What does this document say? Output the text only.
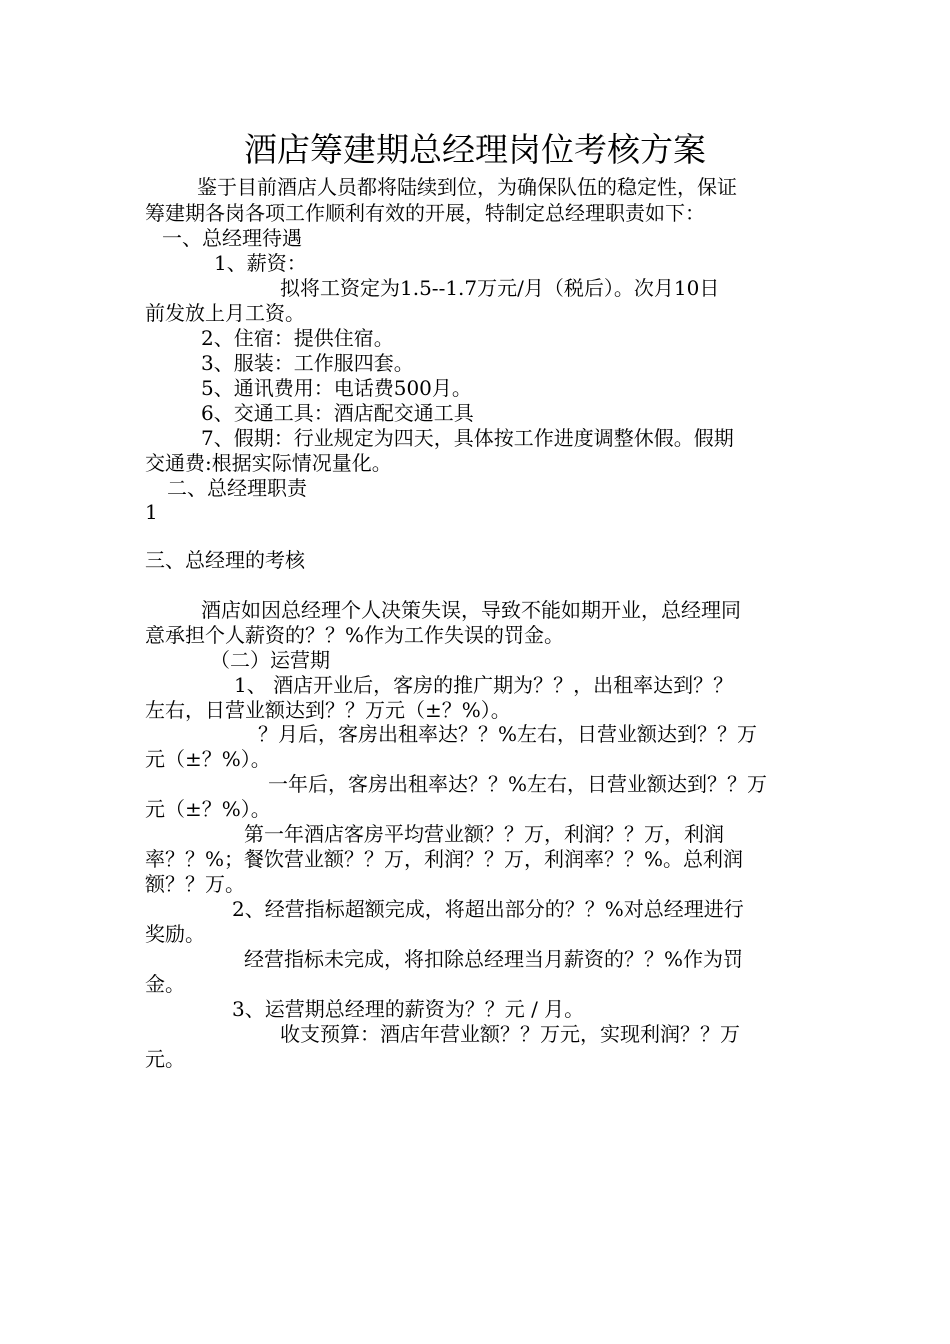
酒店筹建期总经理岗位考核方案
鉴于目前酒店人员都将陆续到位，为确保队伍的稳定性，保证
筹建期各岗各项工作顺利有效的开展，特制定总经理职责如下：
一、总经理待遇
1、薪资：
拟将工资定为1.5--1.7万元/月（税后）。次月10日
前发放上月工资。
2、住宿：提供住宿。
3、服装：工作服四套。
5、通讯费用：电话费500月。
6、交通工具：酒店配交通工具
7、假期：行业规定为四天，具体按工作进度调整休假。假期
交通费:根据实际情况量化。
二、总经理职责
1
三、总经理的考核
酒店如因总经理个人决策失误，导致不能如期开业，总经理同
意承担个人薪资的？？%作为工作失误的罚金。
（二）运营期
1、 酒店开业后，客房的推广期为？？，出租率达到？？
左右，日营业额达到？？万元（±？%）。
？月后，客房出租率达？？%左右，日营业额达到？？万
元（±？%）。
一年后，客房出租率达？？%左右，日营业额达到？？万
元（±？%）。
第一年酒店客房平均营业额？？万，利润？？万，利润
率？？%；餐饮营业额？？万，利润？？万，利润率？？%。总利润
额？？万。
2、经营指标超额完成，将超出部分的？？%对总经理进行
奖励。
经营指标未完成，将扣除总经理当月薪资的？？%作为罚
金。
3、运营期总经理的薪资为？？元 / 月。
收支预算：酒店年营业额？？万元，实现利润？？万
元。
